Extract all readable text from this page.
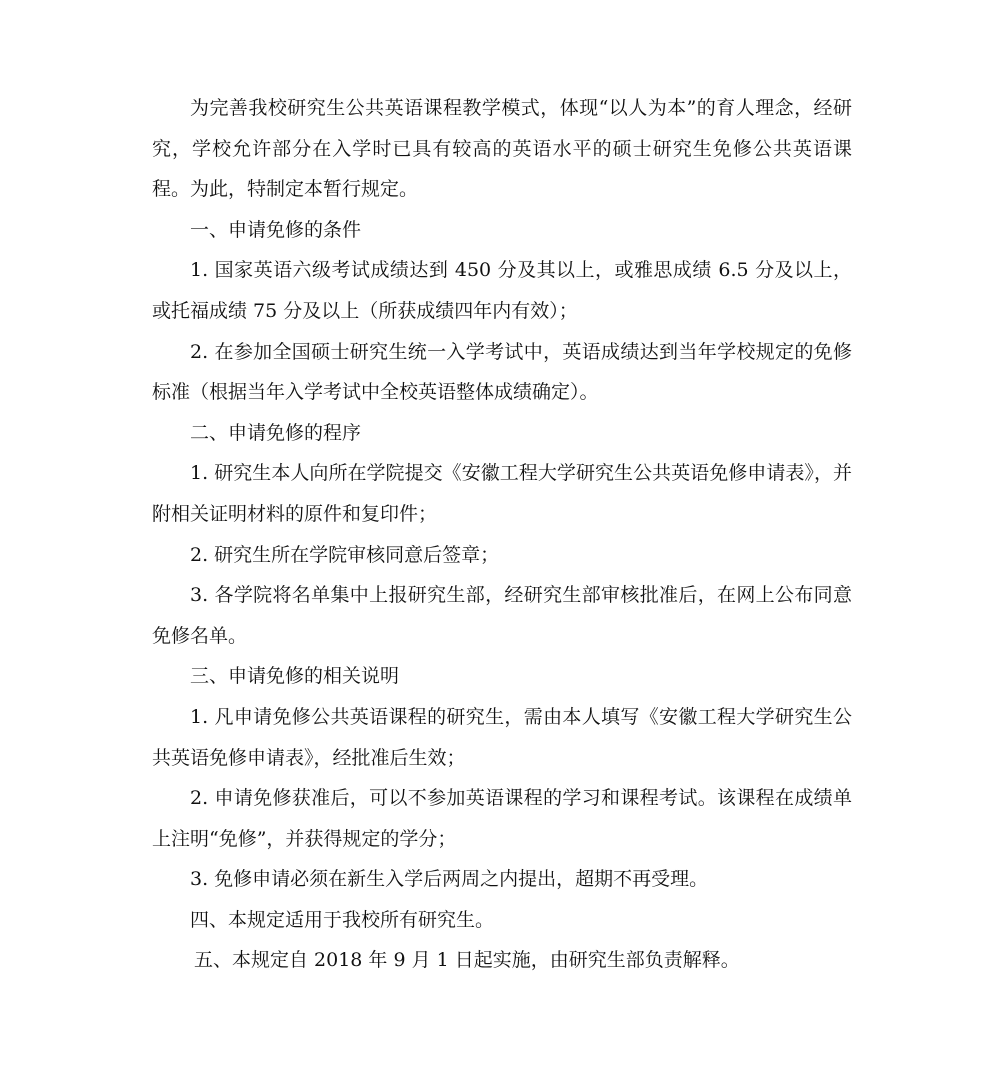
为完善我校研究生公共英语课程教学模式，体现“以人为本”的育人理念，经研究，学校允许部分在入学时已具有较高的英语水平的硕士研究生免修公共英语课程。为此，特制定本暂行规定。

一、申请免修的条件

1. 国家英语六级考试成绩达到 450 分及其以上，或雅思成绩 6.5 分及以上，或托福成绩 75 分及以上（所获成绩四年内有效）；

2. 在参加全国硕士研究生统一入学考试中，英语成绩达到当年学校规定的免修标准（根据当年入学考试中全校英语整体成绩确定）。

二、申请免修的程序

1. 研究生本人向所在学院提交《安徽工程大学研究生公共英语免修申请表》，并附相关证明材料的原件和复印件；

2. 研究生所在学院审核同意后签章；

3. 各学院将名单集中上报研究生部，经研究生部审核批准后，在网上公布同意免修名单。

三、申请免修的相关说明

1. 凡申请免修公共英语课程的研究生，需由本人填写《安徽工程大学研究生公共英语免修申请表》，经批准后生效；

2. 申请免修获准后，可以不参加英语课程的学习和课程考试。该课程在成绩单上注明“免修”，并获得规定的学分；

3. 免修申请必须在新生入学后两周之内提出，超期不再受理。

四、本规定适用于我校所有研究生。

五、本规定自 2018 年 9 月 1 日起实施，由研究生部负责解释。
